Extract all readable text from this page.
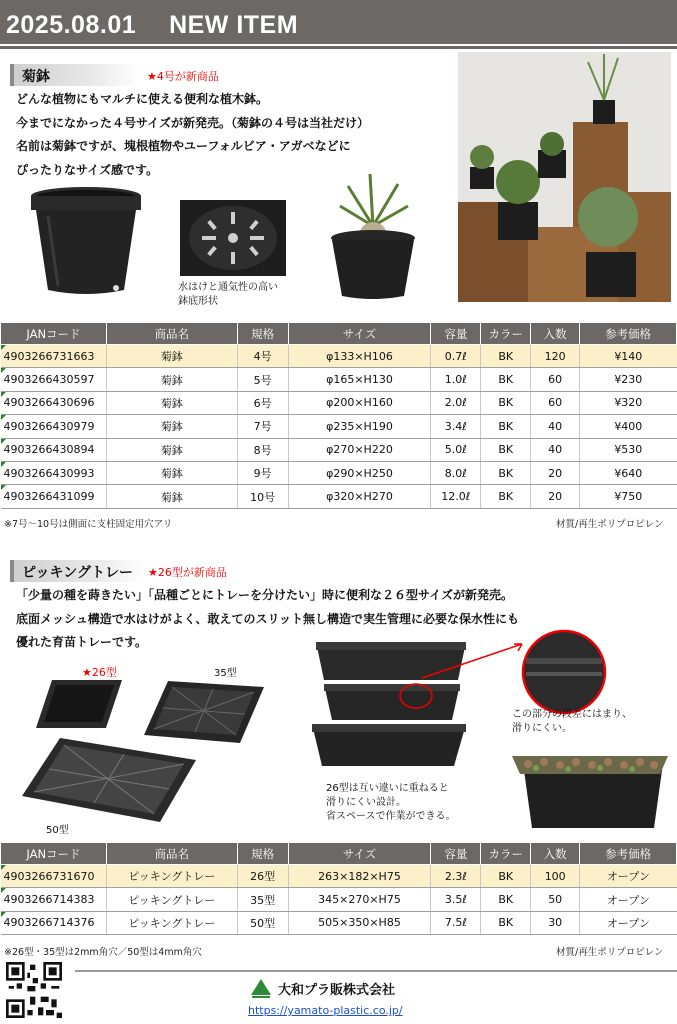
2025.08.01　 NEW ITEM
菊鉢	★4号が新商品
どんな植物にもマルチに使える便利な植木鉢。
今までになかった４号サイズが新発売。（菊鉢の４号は当社だけ）
名前は菊鉢ですが、塊根植物やユーフォルビア・アガベなどに
ぴったりなサイズ感です。
水はけと通気性の高い
鉢底形状
JANコード	商品名	規格	サイズ	容量	カラー	入数	参考価格
4903266731663	菊鉢	4号	φ133×H106	0.7ℓ	BK	120	¥140
4903266430597	菊鉢	5号	φ165×H130	1.0ℓ	BK	60	¥230
4903266430696	菊鉢	6号	φ200×H160	2.0ℓ	BK	60	¥320
4903266430979	菊鉢	7号	φ235×H190	3.4ℓ	BK	40	¥400
4903266430894	菊鉢	8号	φ270×H220	5.0ℓ	BK	40	¥530
4903266430993	菊鉢	9号	φ290×H250	8.0ℓ	BK	20	¥640
4903266431099	菊鉢	10号	φ320×H270	12.0ℓ	BK	20	¥750
※7号～10号は側面に支柱固定用穴アリ	材質/再生ポリプロピレン
ピッキングトレー ★26型が新商品
「少量の種を蒔きたい」「品種ごとにトレーを分けたい」時に便利な２６型サイズが新発売。
底面メッシュ構造で水はけがよく、敢えてのスリット無し構造で実生管理に必要な保水性にも
優れた育苗トレーです。
★26型	35型
50型
26型は互い違いに重ねると
滑りにくい設計。
省スペースで作業ができる。
この部分の段差にはまり、
滑りにくい。
JANコード	商品名	規格	サイズ	容量	カラー	入数	参考価格
4903266731670	ピッキングトレー	26型	263×182×H75	2.3ℓ	BK	100	オープン
4903266714383	ピッキングトレー	35型	345×270×H75	3.5ℓ	BK	50	オープン
4903266714376	ピッキングトレー	50型	505×350×H85	7.5ℓ	BK	30	オープン
※26型・35型は2mm角穴／50型は4mm角穴	材質/再生ポリプロピレン
大和プラ販株式会社
https://yamato-plastic.co.jp/
